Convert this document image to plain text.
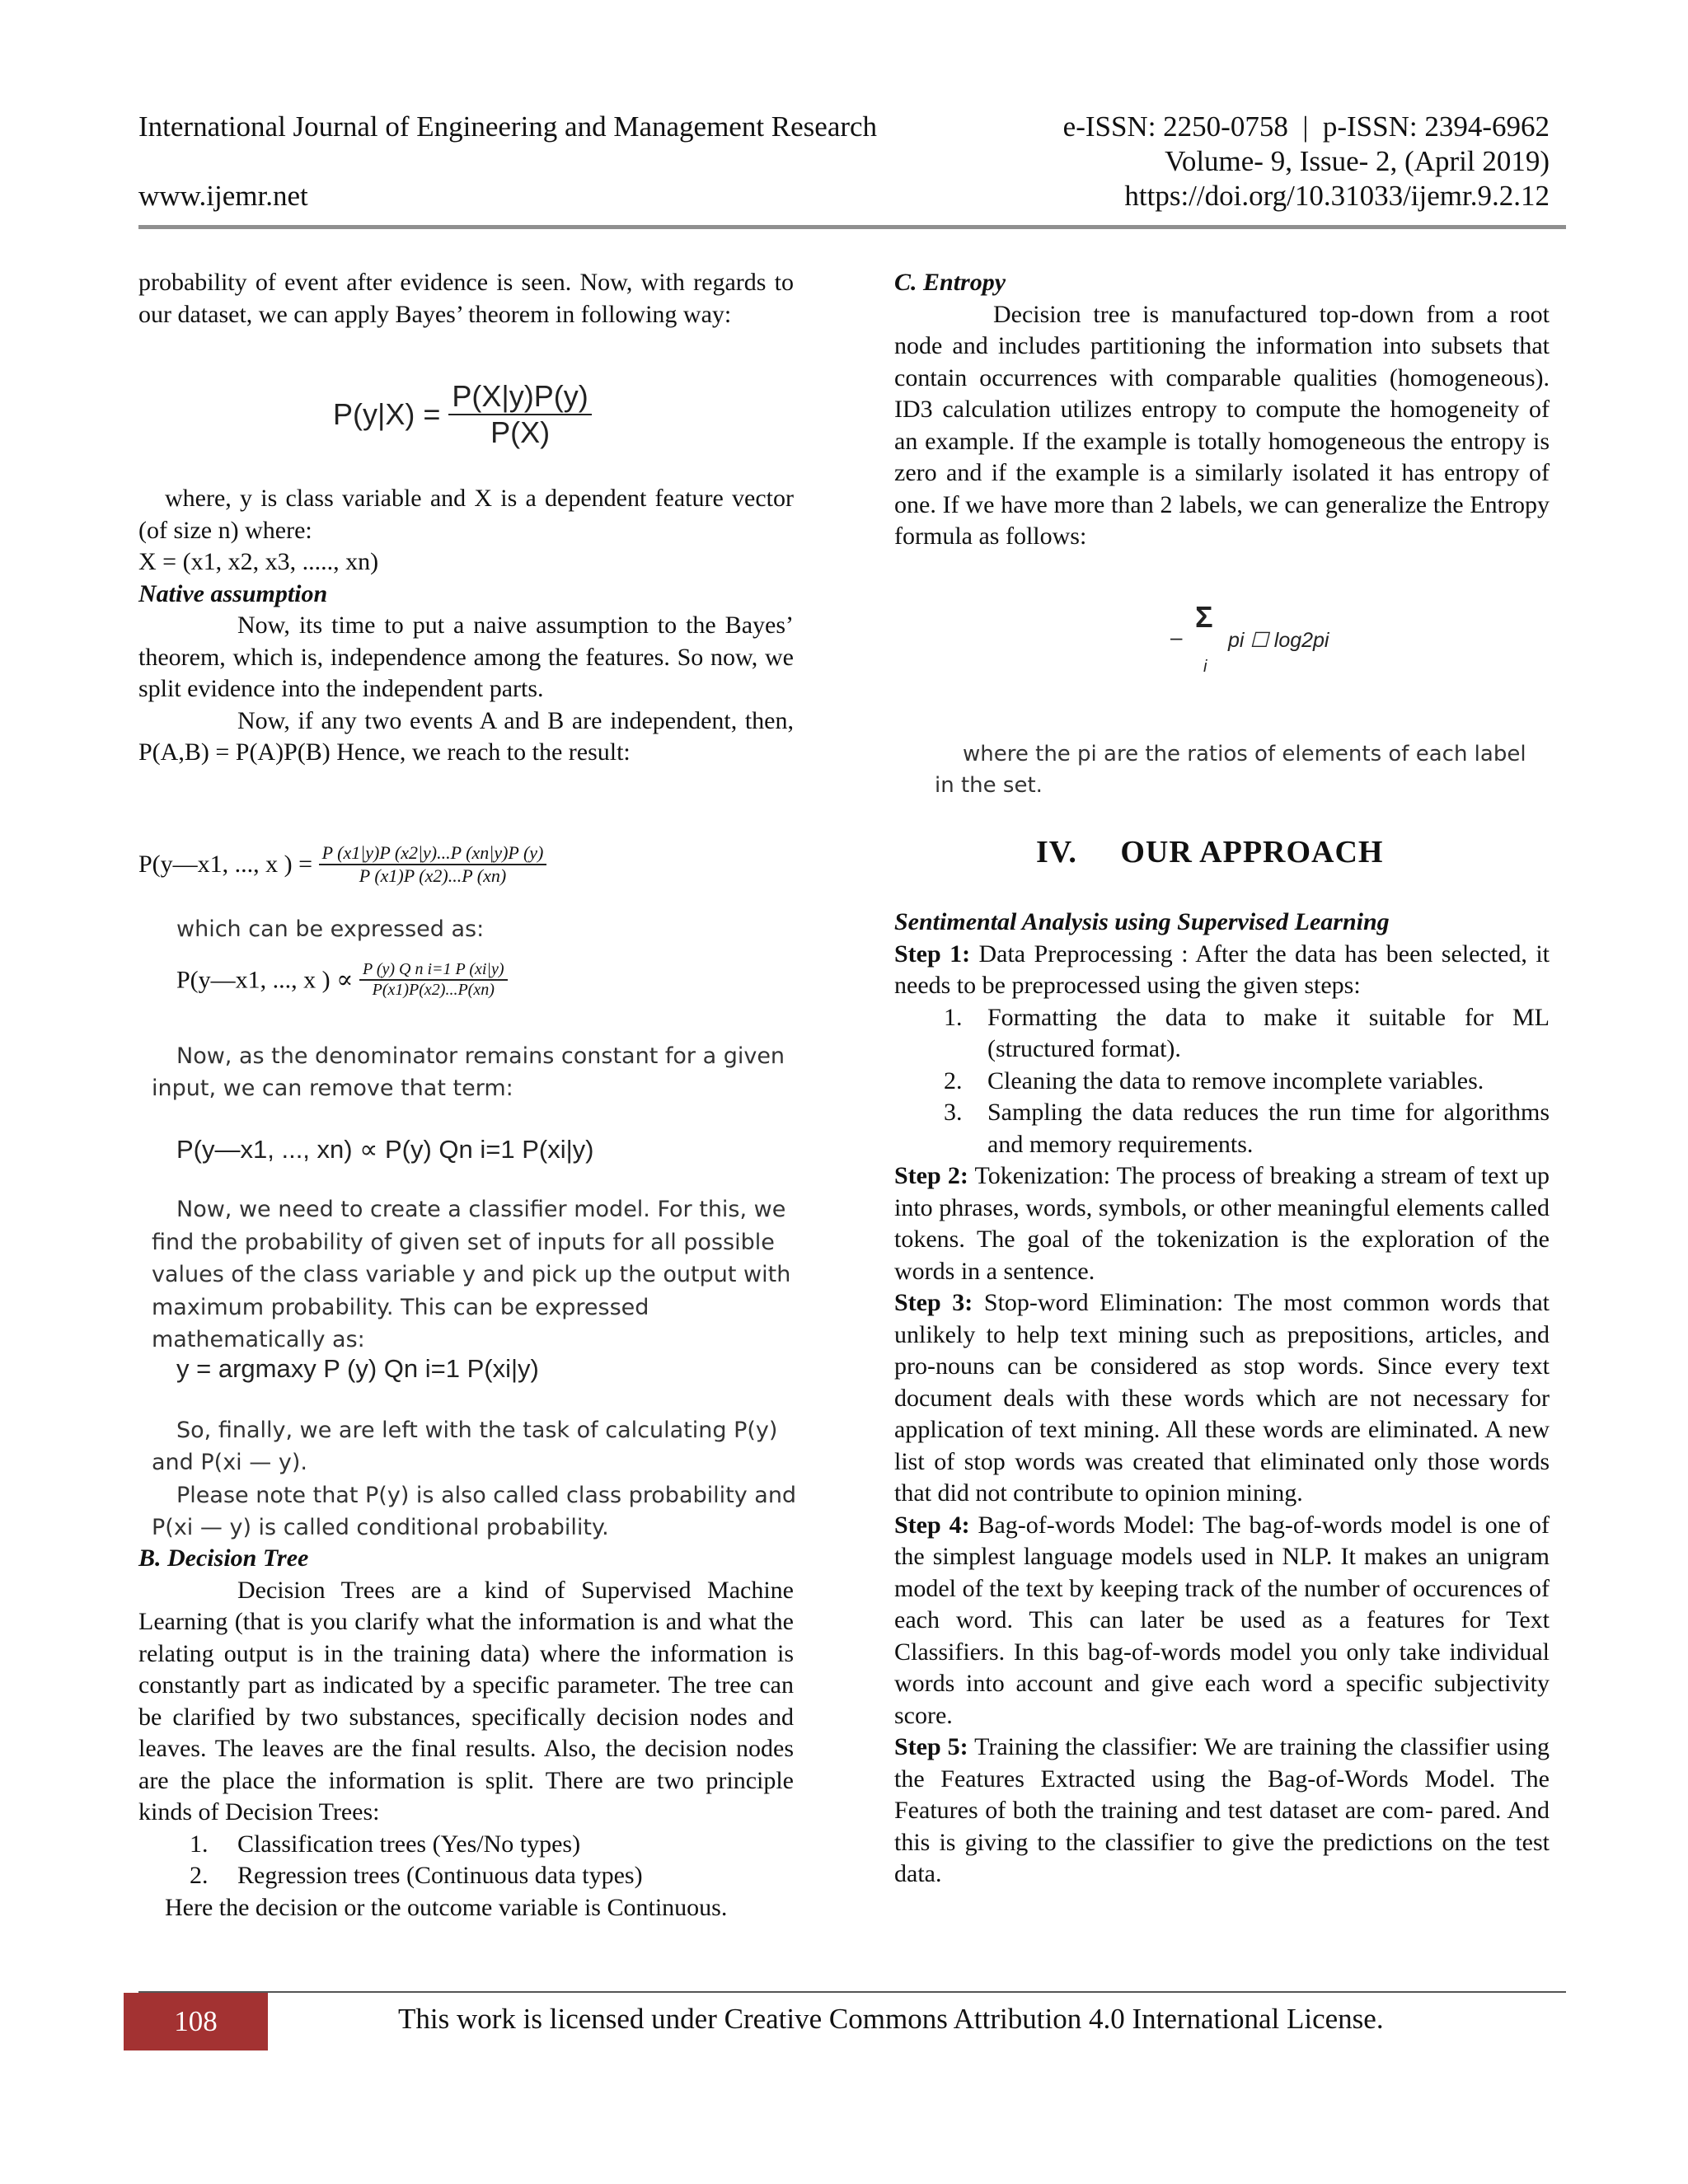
International Journal of Engineering and Management Research	e-ISSN: 2250-0758  |  p-ISSN: 2394-6962
Volume- 9, Issue- 2, (April 2019)
www.ijemr.net	https://doi.org/10.31033/ijemr.9.2.12

probability of event after evidence is seen. Now, with regards to our dataset, we can apply Bayes’ theorem in following way:

$P(y|X) = \frac{P(X|y)P(y)}{P(X)}$

where, y is class variable and X is a dependent feature vector (of size n) where:

X = (x1, x2, x3, ....., xn)

Native assumption

Now, its time to put a naive assumption to the Bayes’ theorem, which is, independence among the features. So now, we split evidence into the independent parts.

Now, if any two events A and B are independent, then, P(A,B) = P(A)P(B) Hence, we reach to the result:

P(y—x1, ..., x ) = $\frac{P (x1|y)P (x2|y)...P (xn|y)P (y)}{P (x1)P (x2)...P (xn)}$
which can be expressed as:
P(y—x1, ..., x ) ∝ $\frac{\text{P (y) Q n i=1 P (xi|y)}}{P(x1)P(x2)...P(xn)}$
Now, as the denominator remains constant for a given input, we can remove that term:
P(y—x1, ..., xn) ∝ P(y) Qn i=1 P(xi|y)
Now, we need to create a classifier model. For this, we find the probability of given set of inputs for all possible values of the class variable y and pick up the output with maximum probability. This can be expressed mathematically as:
y = argmaxy P (y) Qn i=1 P(xi|y)
So, finally, we are left with the task of calculating P(y) and P(xi — y).
Please note that P(y) is also called class probability and P(xi — y) is called conditional probability.

B. Decision Tree

Decision Trees are a kind of Supervised Machine Learning (that is you clarify what the information is and what the relating output is in the training data) where the information is constantly part as indicated by a specific parameter. The tree can be clarified by two substances, specifically decision nodes and leaves. The leaves are the final results. Also, the decision nodes are the place the information is split. There are two principle kinds of Decision Trees:

1. Classification trees (Yes/No types)
2. Regression trees (Continuous data types)

Here the decision or the outcome variable is Continuous.

C. Entropy

Decision tree is manufactured top-down from a root node and includes partitioning the information into subsets that contain occurrences with comparable qualities (homogeneous). ID3 calculation utilizes entropy to compute the homogeneity of an example. If the example is totally homogeneous the entropy is zero and if the example is a similarly isolated it has entropy of one. If we have more than 2 labels, we can generalize the Entropy formula as follows:

Σ
– pi ☐ log2pi
i
where the pi are the ratios of elements of each label in the set.
IV.     OUR APPROACH

Sentimental Analysis using Supervised Learning

Step 1: Data Preprocessing : After the data has been selected, it needs to be preprocessed using the given steps:

1. Formatting the data to make it suitable for ML (structured format).
2. Cleaning the data to remove incomplete variables.
3. Sampling the data reduces the run time for algorithms and memory requirements.

Step 2: Tokenization: The process of breaking a stream of text up into phrases, words, symbols, or other meaningful elements called tokens. The goal of the tokenization is the exploration of the words in a sentence.

Step 3: Stop-word Elimination: The most common words that unlikely to help text mining such as prepositions, articles, and pro-nouns can be considered as stop words. Since every text document deals with these words which are not necessary for application of text mining. All these words are eliminated. A new list of stop words was created that eliminated only those words that did not contribute to opinion mining.

Step 4: Bag-of-words Model: The bag-of-words model is one of the simplest language models used in NLP. It makes an unigram model of the text by keeping track of the number of occurences of each word. This can later be used as a features for Text Classifiers. In this bag-of-words model you only take individual words into account and give each word a specific subjectivity score.

Step 5: Training the classifier: We are training the classifier using the Features Extracted using the Bag-of-Words Model. The Features of both the training and test dataset are com- pared. And this is giving to the classifier to give the predictions on the test data.

108	This work is licensed under Creative Commons Attribution 4.0 International License.
